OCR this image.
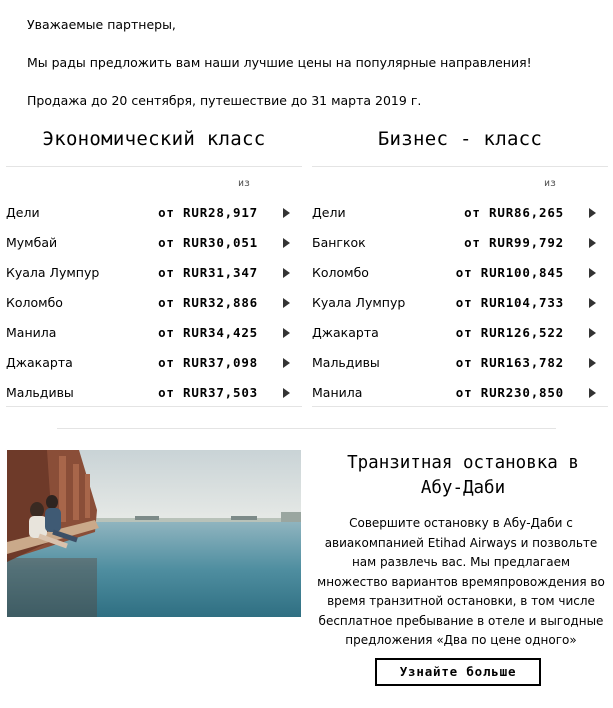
Уважаемые партнеры,
Мы рады предложить вам наши лучшие цены на популярные направления!
Продажа до 20 сентября, путешествие до 31 марта 2019 г.
Экономический класс
из
Дели	от RUR28,917
Мумбай	от RUR30,051
Куала Лумпур	от RUR31,347
Коломбо	от RUR32,886
Манила	от RUR34,425
Джакарта	от RUR37,098
Мальдивы	от RUR37,503
Бизнес - класс
из
Дели	от RUR86,265
Бангкок	от RUR99,792
Коломбо	от RUR100,845
Куала Лумпур	от RUR104,733
Джакарта	от RUR126,522
Мальдивы	от RUR163,782
Манила	от RUR230,850
Транзитная остановка в
Абу-Даби
Совершите остановку в Абу-Даби с
авиакомпанией Etihad Airways и позвольте
нам развлечь вас. Мы предлагаем
множество вариантов времяпровождения во
время транзитной остановки, в том числе
бесплатное пребывание в отеле и выгодные
предложения «Два по цене одного»
Узнайте больше
